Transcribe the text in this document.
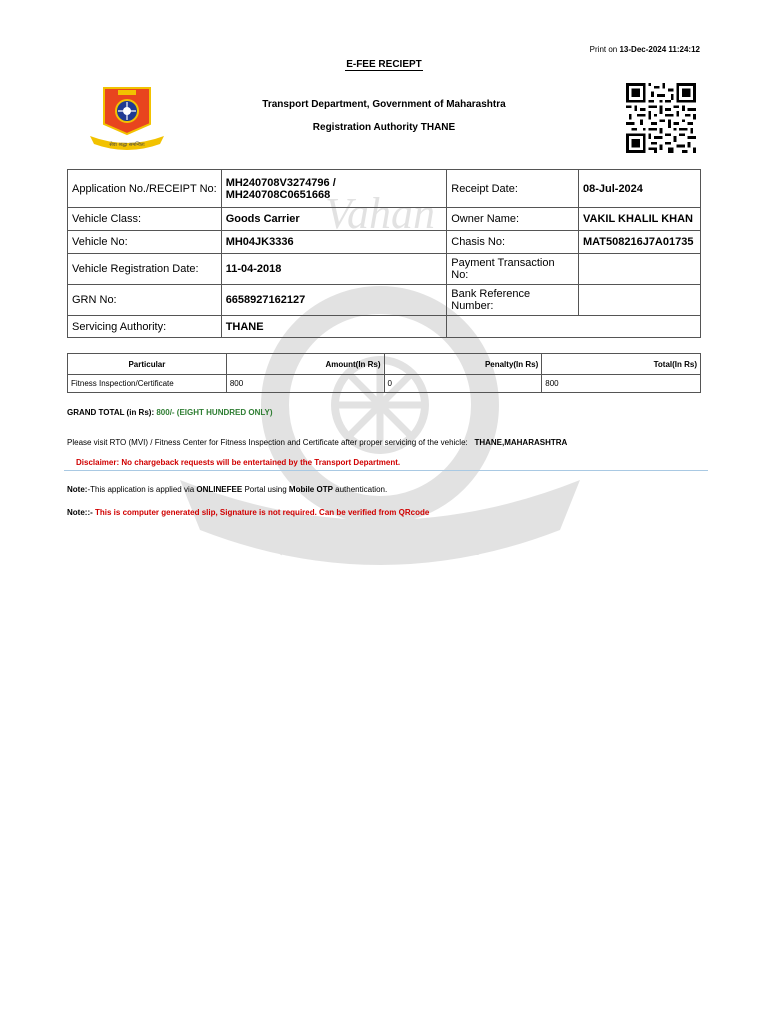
Vahan
सेवा श्रध्दा समन्वितः
Print on 13-Dec-2024 11:24:12
E-FEE RECIEPT
सेवा श्रद्धा समन्वितः
Transport Department, Government of Maharashtra
Registration Authority THANE
Application No./RECEIPT No:	MH240708V3274796 /
MH240708C0651668	Receipt Date:	08-Jul-2024
Vehicle Class:	Goods Carrier	Owner Name:	VAKIL KHALIL KHAN
Vehicle No:	MH04JK3336	Chasis No:	MAT508216J7A01735
Vehicle Registration Date:	11-04-2018	Payment Transaction No:	
GRN No:	6658927162127	Bank Reference Number:	
Servicing Authority:	THANE		
Particular	Amount(In Rs)	Penalty(In Rs)	Total(In Rs)
Fitness Inspection/Certificate	800	0	800
GRAND TOTAL (in Rs): 800/- (EIGHT HUNDRED ONLY)
Please visit RTO (MVI) / Fitness Center for Fitness Inspection and Certificate after proper servicing of the vehicle: THANE,MAHARASHTRA
Disclaimer: No chargeback requests will be entertained by the Transport Department.
Note:-This application is applied via ONLINEFEE Portal using Mobile OTP authentication.
Note::- This is computer generated slip, Signature is not required. Can be verified from QRcode
